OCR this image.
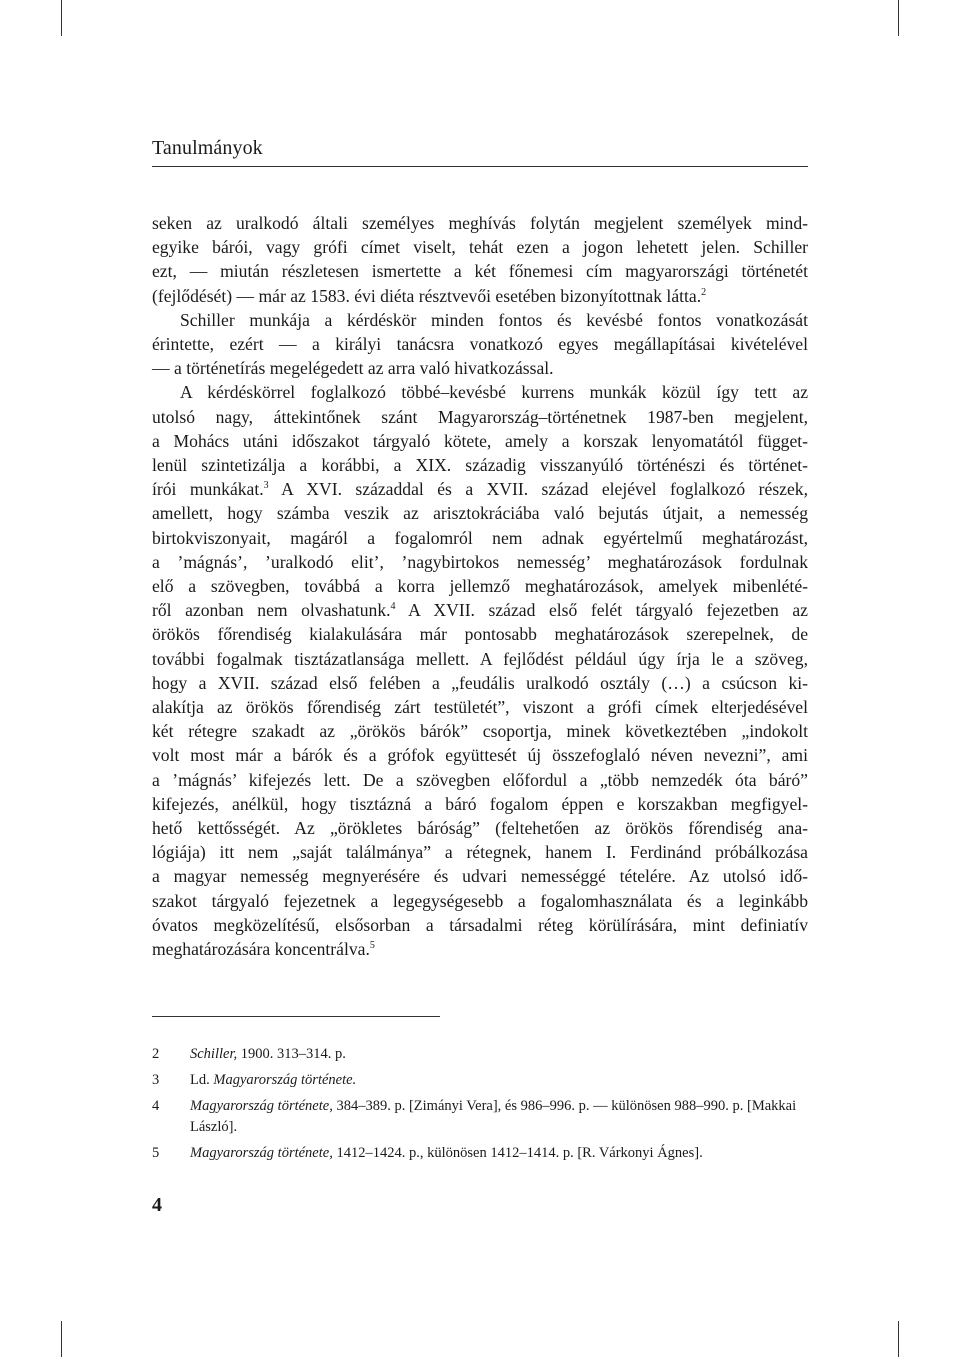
Tanulmányok

seken az uralkodó általi személyes meghívás folytán megjelent személyek mind-
egyike bárói, vagy grófi címet viselt, tehát ezen a jogon lehetett jelen. Schiller
ezt, — miután részletesen ismertette a két főnemesi cím magyarországi történetét
(fejlődését) — már az 1583. évi diéta résztvevői esetében bizonyítottnak látta.$^2$

Schiller munkája a kérdéskör minden fontos és kevésbé fontos vonatkozását
érintette, ezért — a királyi tanácsra vonatkozó egyes megállapításai kivételével
— a történetírás megelégedett az arra való hivatkozással.

A kérdéskörrel foglalkozó többé–kevésbé kurrens munkák közül így tett az
utolsó nagy, áttekintőnek szánt Magyarország–történetnek 1987-ben megjelent,
a Mohács utáni időszakot tárgyaló kötete, amely a korszak lenyomatától függet-
lenül szintetizálja a korábbi, a XIX. századig visszanyúló történészi és történet-
írói munkákat.$^3$ A XVI. századdal és a XVII. század elejével foglalkozó részek,
amellett, hogy számba veszik az arisztokráciába való bejutás útjait, a nemesség
birtokviszonyait, magáról a fogalomról nem adnak egyértelmű meghatározást,
a ’mágnás’, ’uralkodó elit’, ’nagybirtokos nemesség’ meghatározások fordulnak
elő a szövegben, továbbá a korra jellemző meghatározások, amelyek mibenlété-
ről azonban nem olvashatunk.$^4$ A XVII. század első felét tárgyaló fejezetben az
örökös főrendiség kialakulására már pontosabb meghatározások szerepelnek, de
további fogalmak tisztázatlansága mellett. A fejlődést például úgy írja le a szöveg,
hogy a XVII. század első felében a „feudális uralkodó osztály (…) a csúcson ki-
alakítja az örökös főrendiség zárt testületét”, viszont a grófi címek elterjedésével
két rétegre szakadt az „örökös bárók” csoportja, minek következtében „indokolt
volt most már a bárók és a grófok együttesét új összefoglaló néven nevezni”, ami
a ’mágnás’ kifejezés lett. De a szövegben előfordul a „több nemzedék óta báró”
kifejezés, anélkül, hogy tisztázná a báró fogalom éppen e korszakban megfigyel-
hető kettősségét. Az „örökletes báróság” (feltehetően az örökös főrendiség ana-
lógiája) itt nem „saját találmánya” a rétegnek, hanem I. Ferdinánd próbálkozása
a magyar nemesség megnyerésére és udvari nemességgé tételére. Az utolsó idő-
szakot tárgyaló fejezetnek a legegységesebb a fogalomhasználata és a leginkább
óvatos megközelítésű, elsősorban a társadalmi réteg körülírására, mint definiatív
meghatározására koncentrálva.$^5$

2	Schiller, 1900. 313–314. p.
3	Ld. Magyarország története.
4	Magyarország története, 384–389. p. [Zimányi Vera], és 986–996. p. — különösen 988–990. p. [Makkai László].
5	Magyarország története, 1412–1424. p., különösen 1412–1414. p. [R. Várkonyi Ágnes].
4
